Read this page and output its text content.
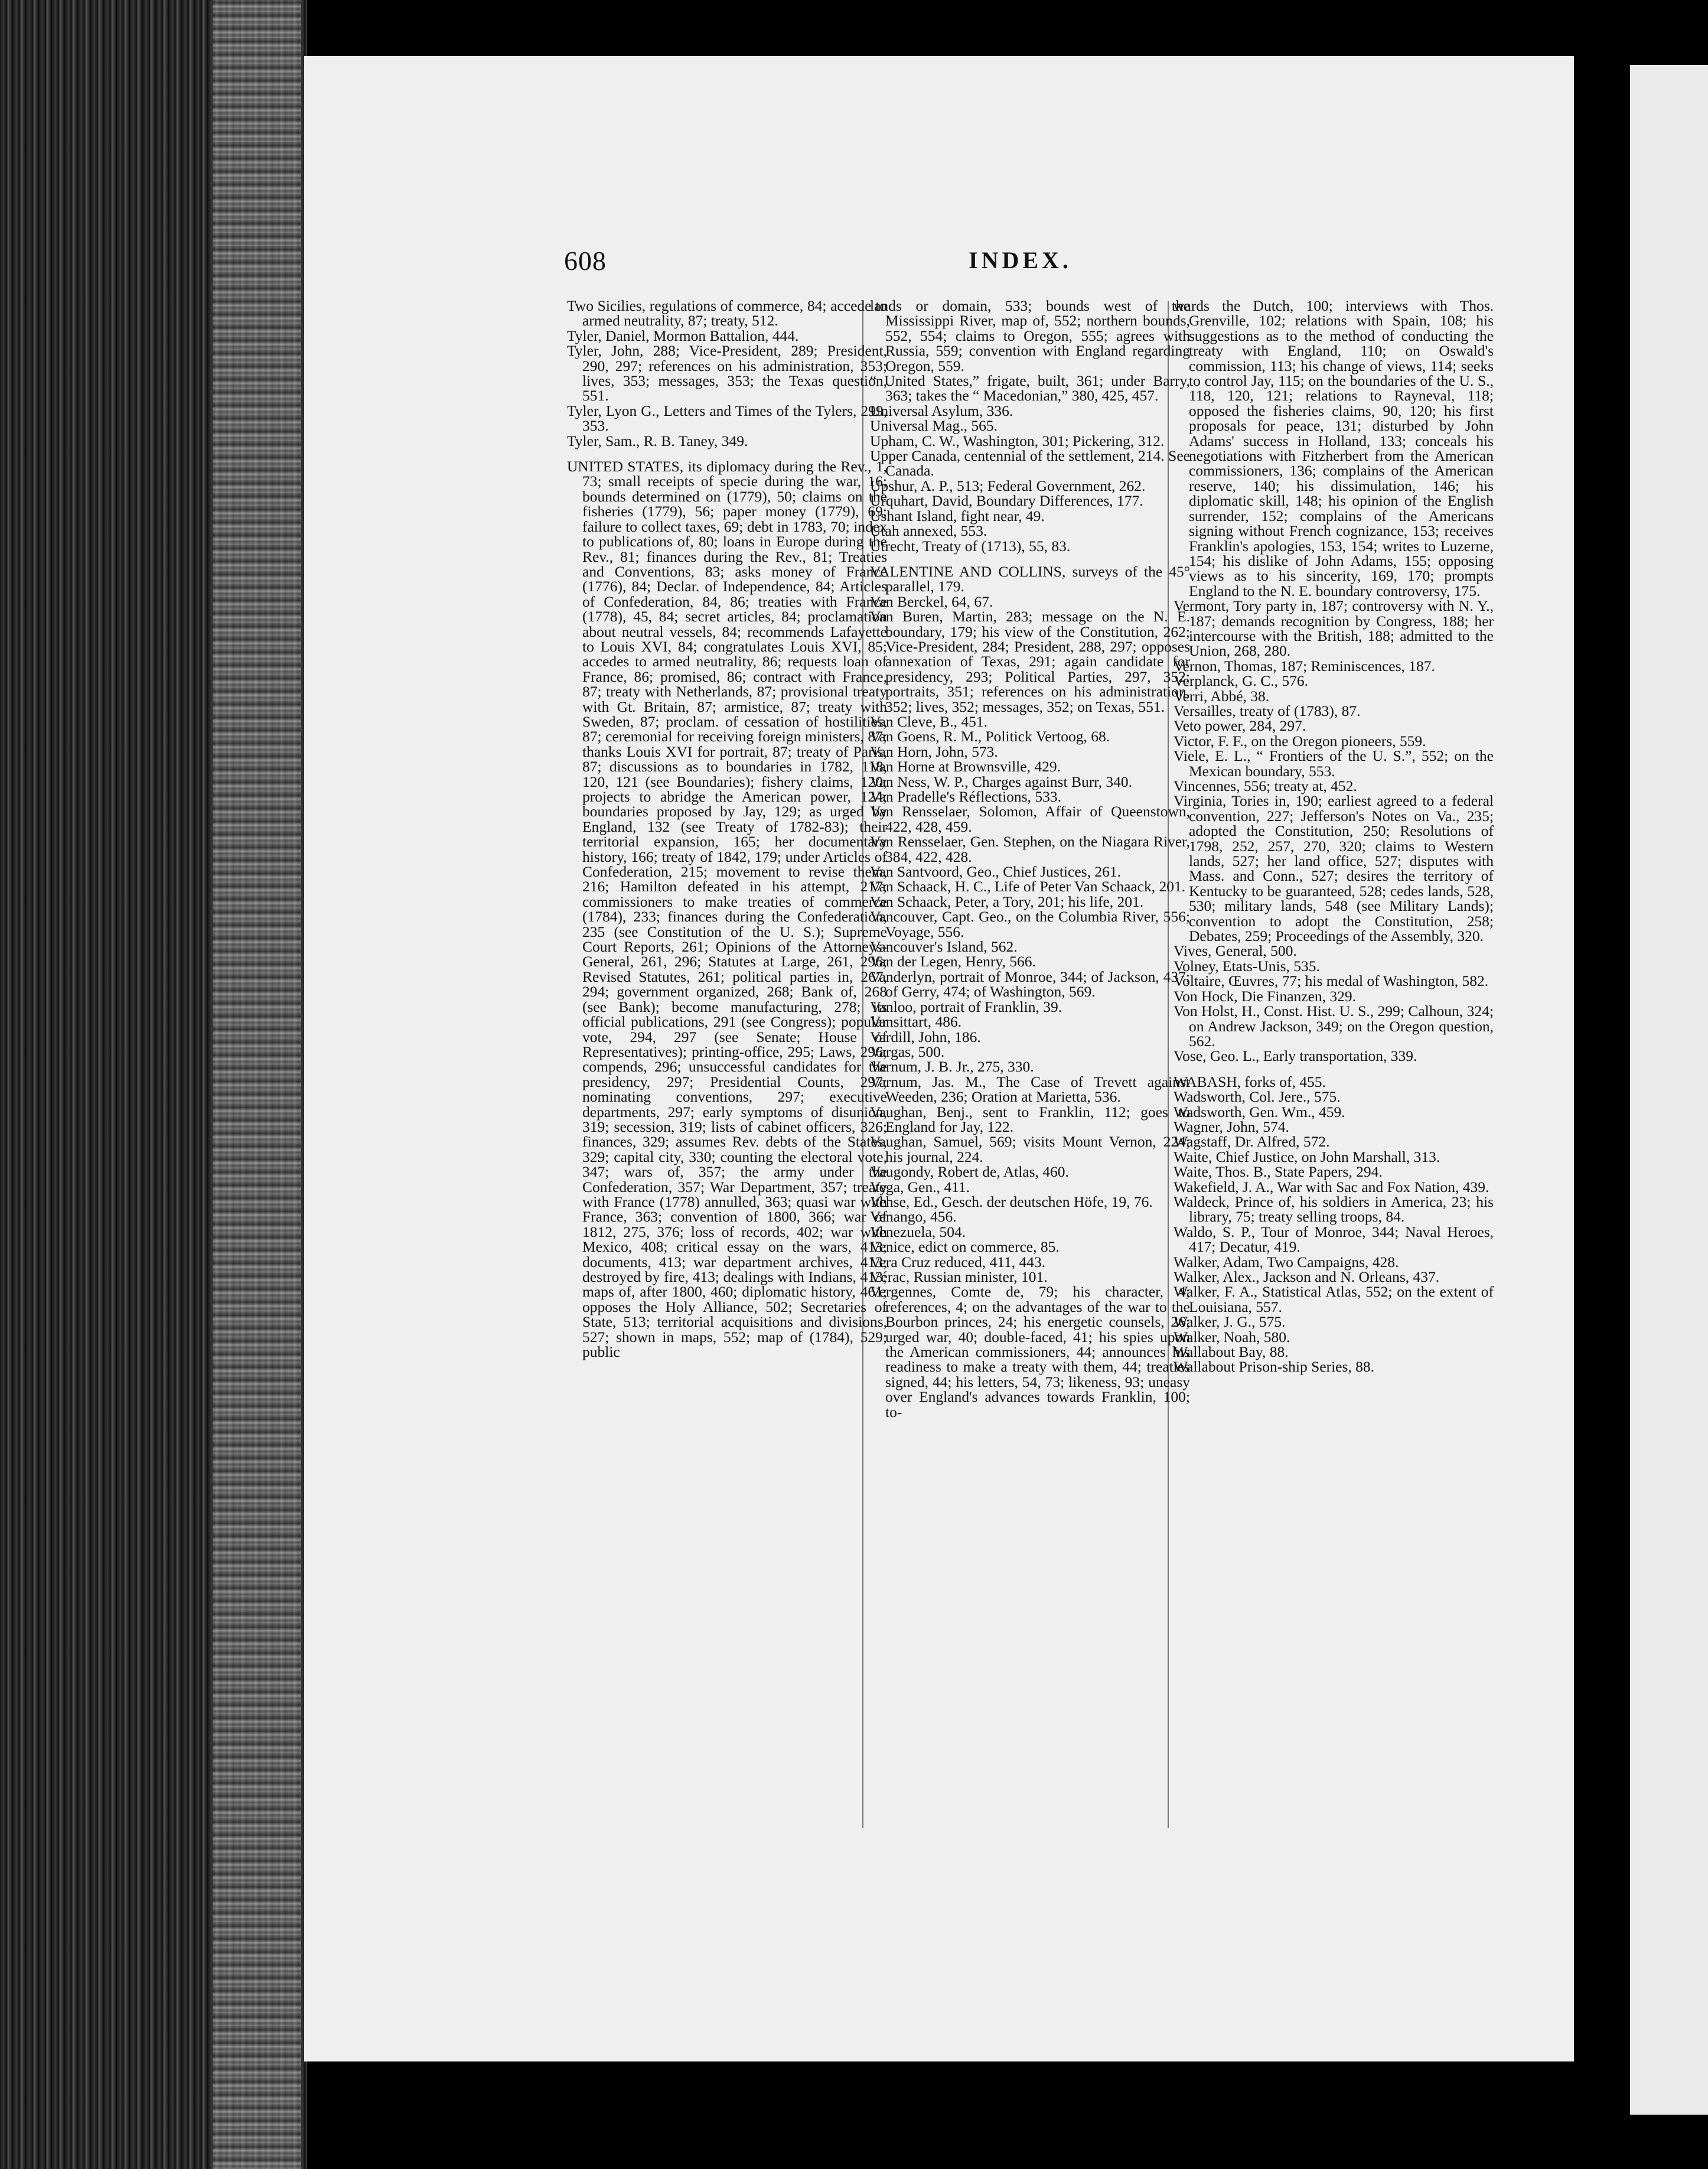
608	INDEX.

Two Sicilies, regulations of commerce, 84; accede to armed neutrality, 87; treaty, 512.

Tyler, Daniel, Mormon Battalion, 444.

Tyler, John, 288; Vice-President, 289; President, 290, 297; references on his administration, 353; lives, 353; messages, 353; the Texas question, 551.

Tyler, Lyon G., Letters and Times of the Tylers, 299, 353.

Tyler, Sam., R. B. Taney, 349.

UNITED STATES, its diplomacy during the Rev., 1, 73; small receipts of specie during the war, 16; bounds determined on (1779), 50; claims on the fisheries (1779), 56; paper money (1779), 69; failure to collect taxes, 69; debt in 1783, 70; index to publications of, 80; loans in Europe during the Rev., 81; finances during the Rev., 81; Treaties and Conventions, 83; asks money of France (1776), 84; Declar. of Independence, 84; Articles of Confederation, 84, 86; treaties with France (1778), 45, 84; secret articles, 84; proclamation about neutral vessels, 84; recommends Lafayette to Louis XVI, 84; congratulates Louis XVI, 85; accedes to armed neutrality, 86; requests loan of France, 86; promised, 86; contract with France, 87; treaty with Netherlands, 87; provisional treaty with Gt. Britain, 87; armistice, 87; treaty with Sweden, 87; proclam. of cessation of hostilities, 87; ceremonial for receiving foreign ministers, 87; thanks Louis XVI for portrait, 87; treaty of Paris, 87; discussions as to boundaries in 1782, 118, 120, 121 (see Boundaries); fishery claims, 120; projects to abridge the American power, 124; boundaries proposed by Jay, 129; as urged by England, 132 (see Treaty of 1782-83); their territorial expansion, 165; her documentary history, 166; treaty of 1842, 179; under Articles of Confederation, 215; movement to revise them, 216; Hamilton defeated in his attempt, 217; commissioners to make treaties of commerce (1784), 233; finances during the Confederation, 235 (see Constitution of the U. S.); Supreme Court Reports, 261; Opinions of the Attorneys-General, 261, 296; Statutes at Large, 261, 296; Revised Statutes, 261; political parties in, 267, 294; government organized, 268; Bank of, 268 (see Bank); become manufacturing, 278; its official publications, 291 (see Congress); popular vote, 294, 297 (see Senate; House of Representatives); printing-office, 295; Laws, 296; compends, 296; unsuccessful candidates for the presidency, 297; Presidential Counts, 297; nominating conventions, 297; executive departments, 297; early symptoms of disunion, 319; secession, 319; lists of cabinet officers, 326; finances, 329; assumes Rev. debts of the States, 329; capital city, 330; counting the electoral vote, 347; wars of, 357; the army under the Confederation, 357; War Department, 357; treaty with France (1778) annulled, 363; quasi war with France, 363; convention of 1800, 366; war of 1812, 275, 376; loss of records, 402; war with Mexico, 408; critical essay on the wars, 413; documents, 413; war department archives, 413; destroyed by fire, 413; dealings with Indians, 413; maps of, after 1800, 460; diplomatic history, 461; opposes the Holy Alliance, 502; Secretaries of State, 513; territorial acquisitions and divisions, 527; shown in maps, 552; map of (1784), 529; public

lands or domain, 533; bounds west of the Mississippi River, map of, 552; northern bounds, 552, 554; claims to Oregon, 555; agrees with Russia, 559; convention with England regarding Oregon, 559.

“ United States,” frigate, built, 361; under Barry, 363; takes the “ Macedonian,” 380, 425, 457.

Universal Asylum, 336.

Universal Mag., 565.

Upham, C. W., Washington, 301; Pickering, 312.

Upper Canada, centennial of the settlement, 214. See Canada.

Upshur, A. P., 513; Federal Government, 262.

Urquhart, David, Boundary Differences, 177.

Ushant Island, fight near, 49.

Utah annexed, 553.

Utrecht, Treaty of (1713), 55, 83.

VALENTINE AND COLLINS, surveys of the 45° parallel, 179.

Van Berckel, 64, 67.

Van Buren, Martin, 283; message on the N. E. boundary, 179; his view of the Constitution, 262; Vice-President, 284; President, 288, 297; opposes annexation of Texas, 291; again candidate for presidency, 293; Political Parties, 297, 352; portraits, 351; references on his administration, 352; lives, 352; messages, 352; on Texas, 551.

Van Cleve, B., 451.

Van Goens, R. M., Politick Vertoog, 68.

Van Horn, John, 573.

Van Horne at Brownsville, 429.

Van Ness, W. P., Charges against Burr, 340.

Van Pradelle's Réflections, 533.

Van Rensselaer, Solomon, Affair of Queenstown, 422, 428, 459.

Van Rensselaer, Gen. Stephen, on the Niagara River, 384, 422, 428.

Van Santvoord, Geo., Chief Justices, 261.

Van Schaack, H. C., Life of Peter Van Schaack, 201.

Van Schaack, Peter, a Tory, 201; his life, 201.

Vancouver, Capt. Geo., on the Columbia River, 556; Voyage, 556.

Vancouver's Island, 562.

Van der Legen, Henry, 566.

Vanderlyn, portrait of Monroe, 344; of Jackson, 437; of Gerry, 474; of Washington, 569.

Vanloo, portrait of Franklin, 39.

Vansittart, 486.

Vardill, John, 186.

Vargas, 500.

Varnum, J. B. Jr., 275, 330.

Varnum, Jas. M., The Case of Trevett against Weeden, 236; Oration at Marietta, 536.

Vaughan, Benj., sent to Franklin, 112; goes to England for Jay, 122.

Vaughan, Samuel, 569; visits Mount Vernon, 224; his journal, 224.

Vaugondy, Robert de, Atlas, 460.

Vega, Gen., 411.

Vehse, Ed., Gesch. der deutschen Höfe, 19, 76.

Venango, 456.

Venezuela, 504.

Venice, edict on commerce, 85.

Vera Cruz reduced, 411, 443.

Vérac, Russian minister, 101.

Vergennes, Comte de, 79; his character, 4; references, 4; on the advantages of the war to the Bourbon princes, 24; his energetic counsels, 26; urged war, 40; double-faced, 41; his spies upon the American commissioners, 44; announces his readiness to make a treaty with them, 44; treaties signed, 44; his letters, 54, 73; likeness, 93; uneasy over England's advances towards Franklin, 100; to-

wards the Dutch, 100; interviews with Thos. Grenville, 102; relations with Spain, 108; his suggestions as to the method of conducting the treaty with England, 110; on Oswald's commission, 113; his change of views, 114; seeks to control Jay, 115; on the boundaries of the U. S., 118, 120, 121; relations to Rayneval, 118; opposed the fisheries claims, 90, 120; his first proposals for peace, 131; disturbed by John Adams' success in Holland, 133; conceals his negotiations with Fitzherbert from the American commissioners, 136; complains of the American reserve, 140; his dissimulation, 146; his diplomatic skill, 148; his opinion of the English surrender, 152; complains of the Americans signing without French cognizance, 153; receives Franklin's apologies, 153, 154; writes to Luzerne, 154; his dislike of John Adams, 155; opposing views as to his sincerity, 169, 170; prompts England to the N. E. boundary controversy, 175.

Vermont, Tory party in, 187; controversy with N. Y., 187; demands recognition by Congress, 188; her intercourse with the British, 188; admitted to the Union, 268, 280.

Vernon, Thomas, 187; Reminiscences, 187.

Verplanck, G. C., 576.

Verri, Abbé, 38.

Versailles, treaty of (1783), 87.

Veto power, 284, 297.

Victor, F. F., on the Oregon pioneers, 559.

Viele, E. L., “ Frontiers of the U. S.”, 552; on the Mexican boundary, 553.

Vincennes, 556; treaty at, 452.

Virginia, Tories in, 190; earliest agreed to a federal convention, 227; Jefferson's Notes on Va., 235; adopted the Constitution, 250; Resolutions of 1798, 252, 257, 270, 320; claims to Western lands, 527; her land office, 527; disputes with Mass. and Conn., 527; desires the territory of Kentucky to be guaranteed, 528; cedes lands, 528, 530; military lands, 548 (see Military Lands); convention to adopt the Constitution, 258; Debates, 259; Proceedings of the Assembly, 320.

Vives, General, 500.

Volney, Etats-Unis, 535.

Voltaire, Œuvres, 77; his medal of Washington, 582.

Von Hock, Die Finanzen, 329.

Von Holst, H., Const. Hist. U. S., 299; Calhoun, 324; on Andrew Jackson, 349; on the Oregon question, 562.

Vose, Geo. L., Early transportation, 339.

WABASH, forks of, 455.

Wadsworth, Col. Jere., 575.

Wadsworth, Gen. Wm., 459.

Wagner, John, 574.

Wagstaff, Dr. Alfred, 572.

Waite, Chief Justice, on John Marshall, 313.

Waite, Thos. B., State Papers, 294.

Wakefield, J. A., War with Sac and Fox Nation, 439.

Waldeck, Prince of, his soldiers in America, 23; his library, 75; treaty selling troops, 84.

Waldo, S. P., Tour of Monroe, 344; Naval Heroes, 417; Decatur, 419.

Walker, Adam, Two Campaigns, 428.

Walker, Alex., Jackson and N. Orleans, 437.

Walker, F. A., Statistical Atlas, 552; on the extent of Louisiana, 557.

Walker, J. G., 575.

Walker, Noah, 580.

Wallabout Bay, 88.

Wallabout Prison-ship Series, 88.
